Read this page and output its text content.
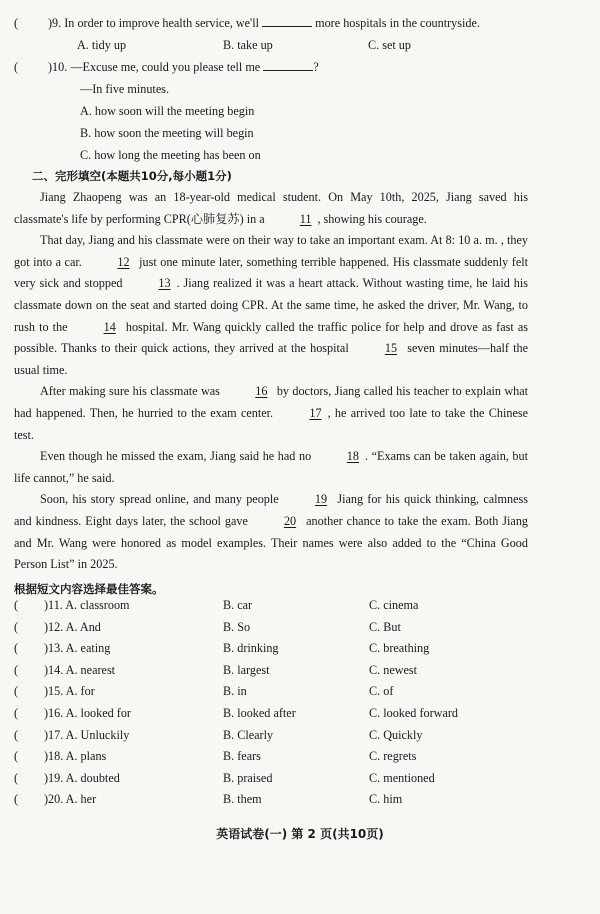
( )9. In order to improve health service, we'll	more hospitals in the countryside.
A. tidy up	B. take up	C. set up
( )10. —Excuse me, could you please tell me	?
—In five minutes.
A. how soon will the meeting begin
B. how soon the meeting will begin
C. how long the meeting has been on
二、完形填空(本题共10分,每小题1分)

Jiang Zhaopeng was an 18-year-old medical student. On May 10th, 2025, Jiang saved his classmate's life by performing CPR(心肺复苏) in a	11 , showing his courage.

That day, Jiang and his classmate were on their way to take an important exam. At 8: 10 a. m. , they got into a car.	12 just one minute later, something terrible happened. His classmate suddenly felt very sick and stopped	13 . Jiang realized it was a heart attack. Without wasting time, he laid his classmate down on the seat and started doing CPR. At the same time, he asked the driver, Mr. Wang, to rush to the	14 hospital. Mr. Wang quickly called the traffic police for help and drove as fast as possible. Thanks to their quick actions, they arrived at the hospital	15 seven minutes—half the usual time.

After making sure his classmate was	16 by doctors, Jiang called his teacher to explain what had happened. Then, he hurried to the exam center.	17 , he arrived too late to take the Chinese test.

Even though he missed the exam, Jiang said he had no	18 . “Exams can be taken again, but life cannot,” he said.

Soon, his story spread online, and many people	19 Jiang for his quick thinking, calmness and kindness. Eight days later, the school gave	20 another chance to take the exam. Both Jiang and Mr. Wang were honored as model examples. Their names were also added to the “China Good Person List” in 2025.

根据短文内容选择最佳答案。
( )11. A. classroom	B. car	C. cinema
( )12. A. And	B. So	C. But
( )13. A. eating	B. drinking	C. breathing
( )14. A. nearest	B. largest	C. newest
( )15. A. for	B. in	C. of
( )16. A. looked for	B. looked after	C. looked forward
( )17. A. Unluckily	B. Clearly	C. Quickly
( )18. A. plans	B. fears	C. regrets
( )19. A. doubted	B. praised	C. mentioned
( )20. A. her	B. them	C. him
英语试卷(一) 第 2 页(共10页)
